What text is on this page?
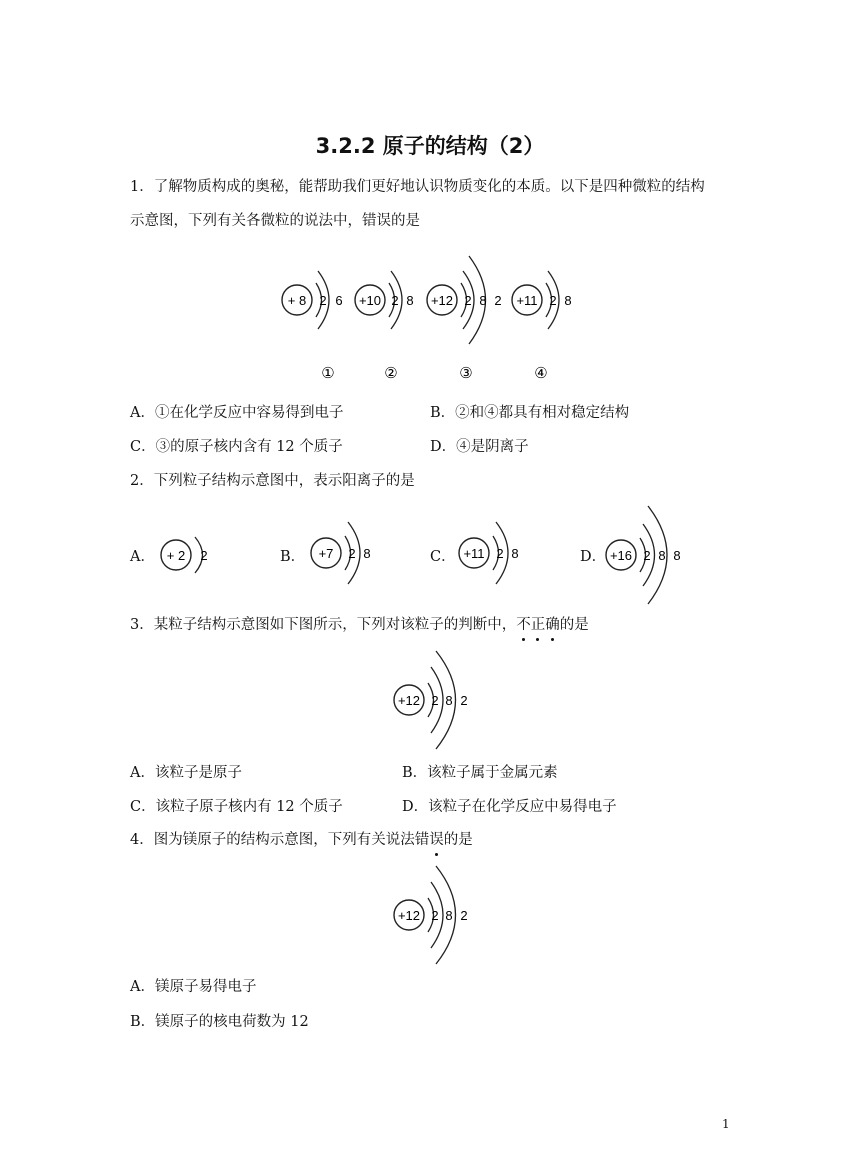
3.2.2 原子的结构（2）
1．了解物质构成的奥秘，能帮助我们更好地认识物质变化的本质。以下是四种微粒的结构
示意图，下列有关各微粒的说法中，错误的是
+ 8 2 6
①
+10 2 8
②
+12 2 8 2
③
+11 2 8
④
A．①在化学反应中容易得到电子	B．②和④都具有相对稳定结构
C．③的原子核内含有 12 个质子	D．④是阴离子
2．下列粒子结构示意图中，表示阳离子的是
A． + 2 2	B． +7 2 8	C． +11 2 8	D． +16 2 8 8
3．某粒子结构示意图如下图所示，下列对该粒子的判断中，不正确的是
+12 2 8 2
A．该粒子是原子	B．该粒子属于金属元素
C．该粒子原子核内有 12 个质子	D．该粒子在化学反应中易得电子
4．图为镁原子的结构示意图，下列有关说法错误的是
+12 2 8 2
A．镁原子易得电子
B．镁原子的核电荷数为 12
1
